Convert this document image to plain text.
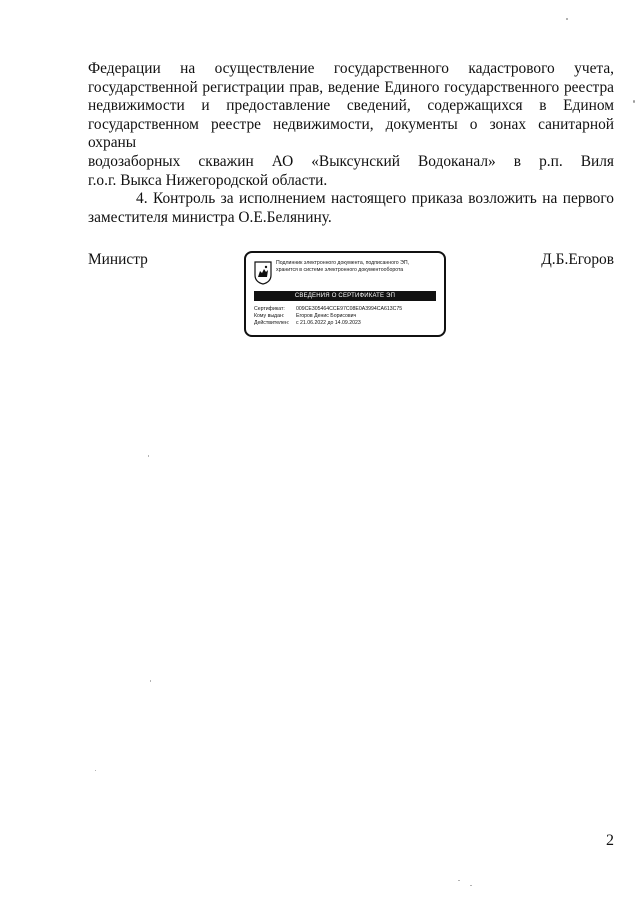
Федерации на осуществление государственного кадастрового учета,
государственной регистрации прав, ведение Единого государственного реестра
недвижимости и предоставление сведений, содержащихся в Едином
государственном реестре недвижимости, документы о зонах санитарной охраны
водозаборных скважин АО «Выксунский Водоканал» в р.п. Виля
г.о.г. Выкса Нижегородской области.

4. Контроль за исполнением настоящего приказа возложить на первого
заместителя министра О.Е.Белянину.

Министр	Д.Б.Егоров
Подлинник электронного документа, подписанного ЭП,
хранится в системе электронного документооборота
СВЕДЕНИЯ О СЕРТИФИКАТЕ ЭП
Сертификат: 009CE305464CCE97C08E0A3994CA613C75
Кому выдан: Егоров Денис Борисович
Действителен: с 21.06.2022 до 14.09.2023
2
